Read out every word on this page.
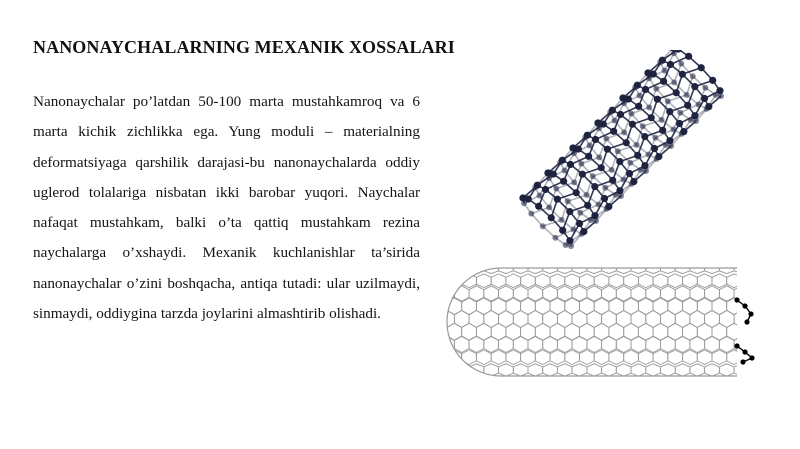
NANONAYCHALARNING MEXANIK XOSSALARI
Nanonaychalar po’latdan 50-100 marta mustahkamroq va 6 marta kichik zichlikka ega. Yung moduli – materialning deformatsiyaga qarshilik darajasi-bu nanonaychalarda oddiy uglerod tolalariga nisbatan ikki barobar yuqori. Naychalar nafaqat mustahkam, balki o’ta qattiq mustahkam rezina naychalarga o’xshaydi. Mexanik kuchlanishlar ta’sirida nanonaychalar o’zini boshqacha, antiqa tutadi: ular uzilmaydi, sinmaydi, oddiygina tarzda joylarini almashtirib olishadi.
